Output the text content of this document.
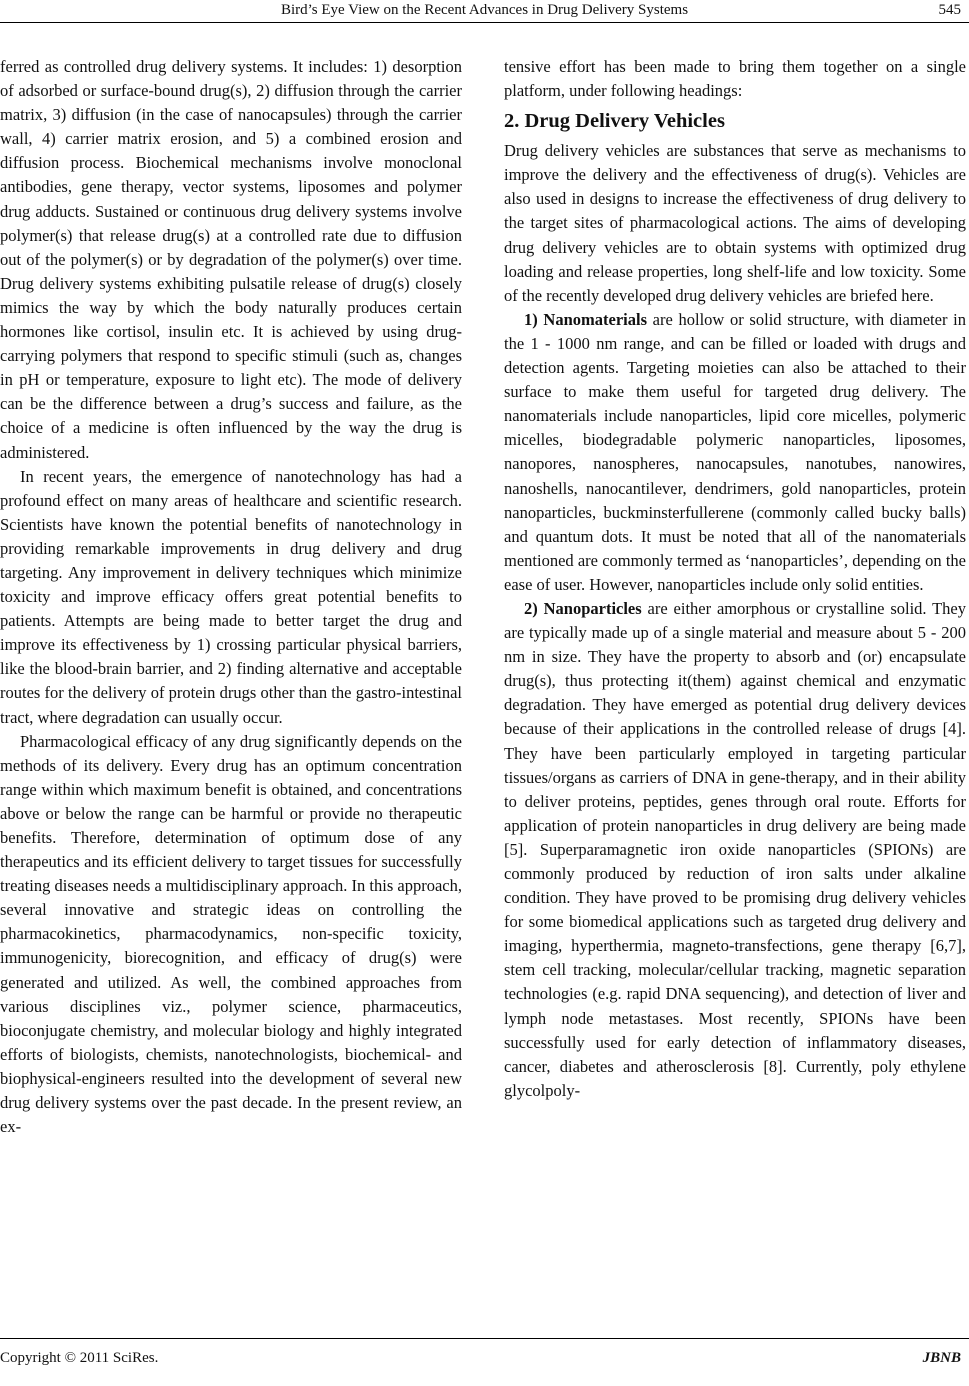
Bird’s Eye View on the Recent Advances in Drug Delivery Systems	545

ferred as controlled drug delivery systems. It includes: 1) desorption of adsorbed or surface-bound drug(s), 2) diffusion through the carrier matrix, 3) diffusion (in the case of nanocapsules) through the carrier wall, 4) carrier matrix erosion, and 5) a combined erosion and diffusion process. Biochemical mechanisms involve monoclonal antibodies, gene therapy, vector systems, liposomes and polymer drug adducts. Sustained or continuous drug delivery systems involve polymer(s) that release drug(s) at a controlled rate due to diffusion out of the polymer(s) or by degradation of the polymer(s) over time. Drug delivery systems exhibiting pulsatile release of drug(s) closely mimics the way by which the body naturally produces certain hormones like cortisol, insulin etc. It is achieved by using drug-carrying polymers that respond to specific stimuli (such as, changes in pH or temperature, exposure to light etc). The mode of delivery can be the difference between a drug’s success and failure, as the choice of a medicine is often influenced by the way the drug is administered.

In recent years, the emergence of nanotechnology has had a profound effect on many areas of healthcare and scientific research. Scientists have known the potential benefits of nanotechnology in providing remarkable improvements in drug delivery and drug targeting. Any improvement in delivery techniques which minimize toxicity and improve efficacy offers great potential benefits to patients. Attempts are being made to better target the drug and improve its effectiveness by 1) crossing particular physical barriers, like the blood-brain barrier, and 2) finding alternative and acceptable routes for the delivery of protein drugs other than the gastro-intestinal tract, where degradation can usually occur.

Pharmacological efficacy of any drug significantly depends on the methods of its delivery. Every drug has an optimum concentration range within which maximum benefit is obtained, and concentrations above or below the range can be harmful or provide no therapeutic benefits. Therefore, determination of optimum dose of any therapeutics and its efficient delivery to target tissues for successfully treating diseases needs a multidisciplinary approach. In this approach, several innovative and strategic ideas on controlling the pharmacokinetics, pharmacodynamics, non-specific toxicity, immunogenicity, biorecognition, and efficacy of drug(s) were generated and utilized. As well, the combined approaches from various disciplines viz., polymer science, pharmaceutics, bioconjugate chemistry, and molecular biology and highly integrated efforts of biologists, chemists, nanotechnologists, biochemical- and biophysical-engineers resulted into the development of several new drug delivery systems over the past decade. In the present review, an ex-

tensive effort has been made to bring them together on a single platform, under following headings:

2. Drug Delivery Vehicles

Drug delivery vehicles are substances that serve as mechanisms to improve the delivery and the effectiveness of drug(s). Vehicles are also used in designs to increase the effectiveness of drug delivery to the target sites of pharmacological actions. The aims of developing drug delivery vehicles are to obtain systems with optimized drug loading and release properties, long shelf-life and low toxicity. Some of the recently developed drug delivery vehicles are briefed here.

1) Nanomaterials are hollow or solid structure, with diameter in the 1 - 1000 nm range, and can be filled or loaded with drugs and detection agents. Targeting moieties can also be attached to their surface to make them useful for targeted drug delivery. The nanomaterials include nanoparticles, lipid core micelles, polymeric micelles, biodegradable polymeric nanoparticles, liposomes, nanopores, nanospheres, nanocapsules, nanotubes, nanowires, nanoshells, nanocantilever, dendrimers, gold nanoparticles, protein nanoparticles, buckminsterfullerene (commonly called bucky balls) and quantum dots. It must be noted that all of the nanomaterials mentioned are commonly termed as ‘nanoparticles’, depending on the ease of user. However, nanoparticles include only solid entities.

2) Nanoparticles are either amorphous or crystalline solid. They are typically made up of a single material and measure about 5 - 200 nm in size. They have the property to absorb and (or) encapsulate drug(s), thus protecting it(them) against chemical and enzymatic degradation. They have emerged as potential drug delivery devices because of their applications in the controlled release of drugs [4]. They have been particularly employed in targeting particular tissues/organs as carriers of DNA in gene-therapy, and in their ability to deliver proteins, peptides, genes through oral route. Efforts for application of protein nanoparticles in drug delivery are being made [5]. Superparamagnetic iron oxide nanoparticles (SPIONs) are commonly produced by reduction of iron salts under alkaline condition. They have proved to be promising drug delivery vehicles for some biomedical applications such as targeted drug delivery and imaging, hyperthermia, magneto-transfections, gene therapy [6,7], stem cell tracking, molecular/cellular tracking, magnetic separation technologies (e.g. rapid DNA sequencing), and detection of liver and lymph node metastases. Most recently, SPIONs have been successfully used for early detection of inflammatory diseases, cancer, diabetes and atherosclerosis [8]. Currently, poly ethylene glycolpoly-

Copyright © 2011 SciRes.	JBNB
